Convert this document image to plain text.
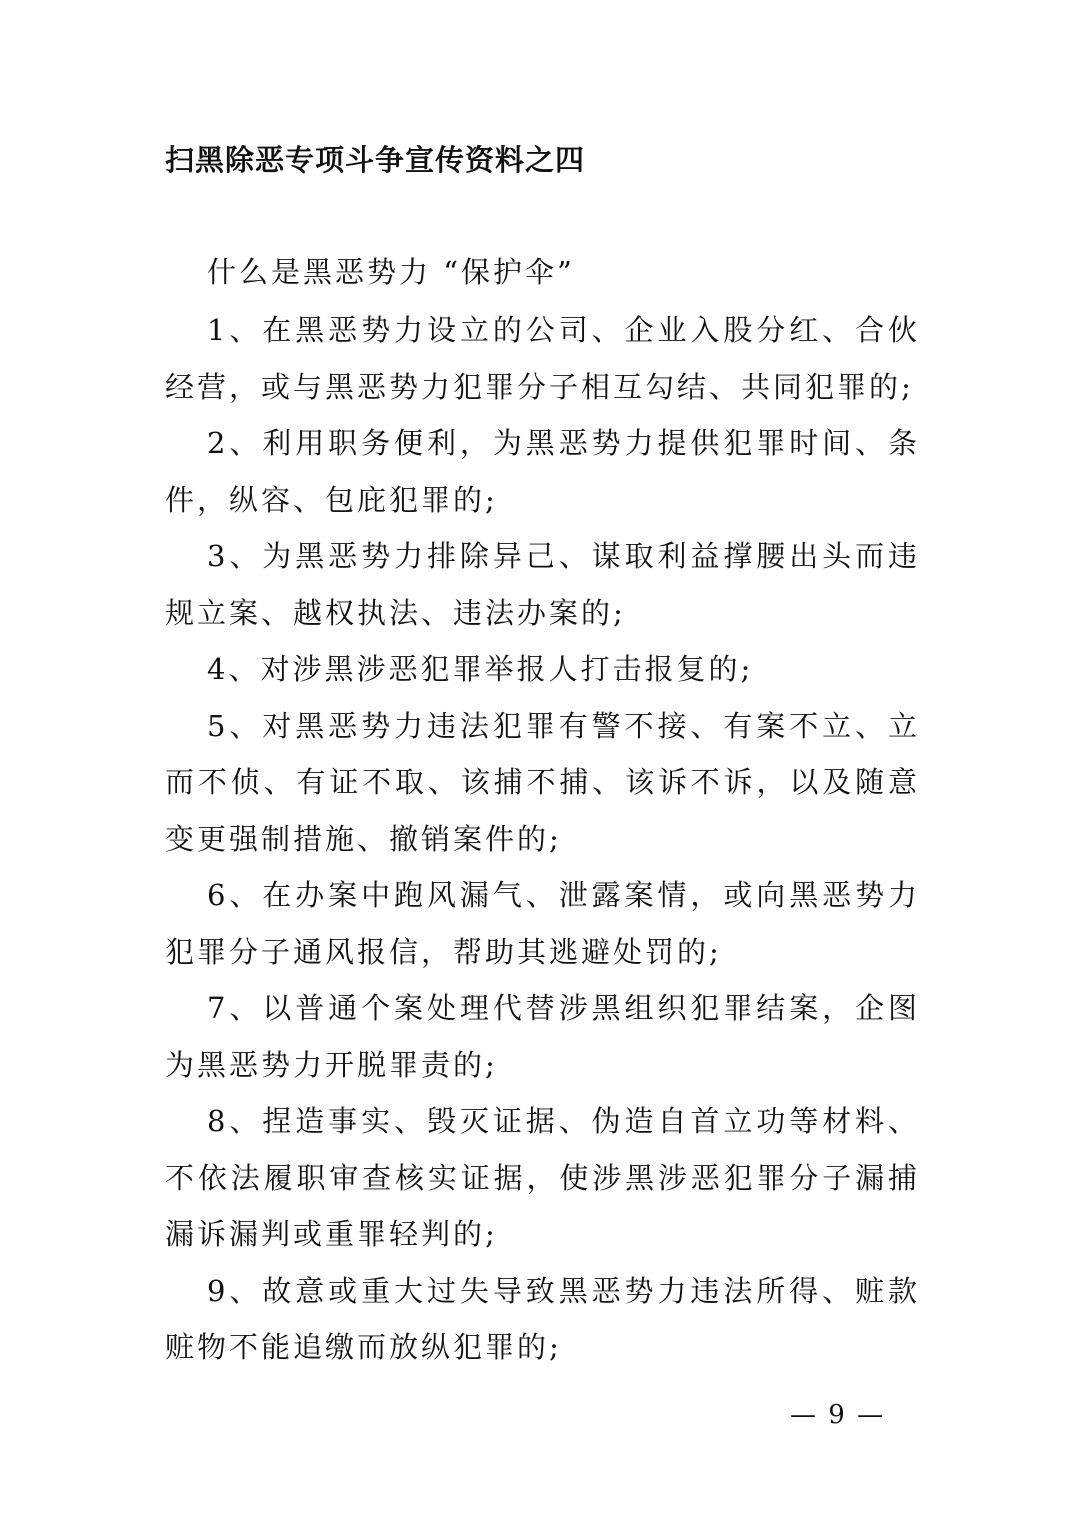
扫黑除恶专项斗争宣传资料之四
什么是黑恶势力 “保护伞”

1、在黑恶势力设立的公司、企业入股分红、合伙经营，或与黑恶势力犯罪分子相互勾结、共同犯罪的;

2、利用职务便利，为黑恶势力提供犯罪时间、条件，纵容、包庇犯罪的;

3、为黑恶势力排除异己、谋取利益撑腰出头而违规立案、越权执法、违法办案的;

4、对涉黑涉恶犯罪举报人打击报复的;

5、对黑恶势力违法犯罪有警不接、有案不立、立而不侦、有证不取、该捕不捕、该诉不诉，以及随意变更强制措施、撤销案件的;

6、在办案中跑风漏气、泄露案情，或向黑恶势力犯罪分子通风报信，帮助其逃避处罚的;

7、以普通个案处理代替涉黑组织犯罪结案，企图为黑恶势力开脱罪责的;

8、捏造事实、毁灭证据、伪造自首立功等材料、不依法履职审查核实证据，使涉黑涉恶犯罪分子漏捕漏诉漏判或重罪轻判的;

9、故意或重大过失导致黑恶势力违法所得、赃款赃物不能追缴而放纵犯罪的;

— 9 —
